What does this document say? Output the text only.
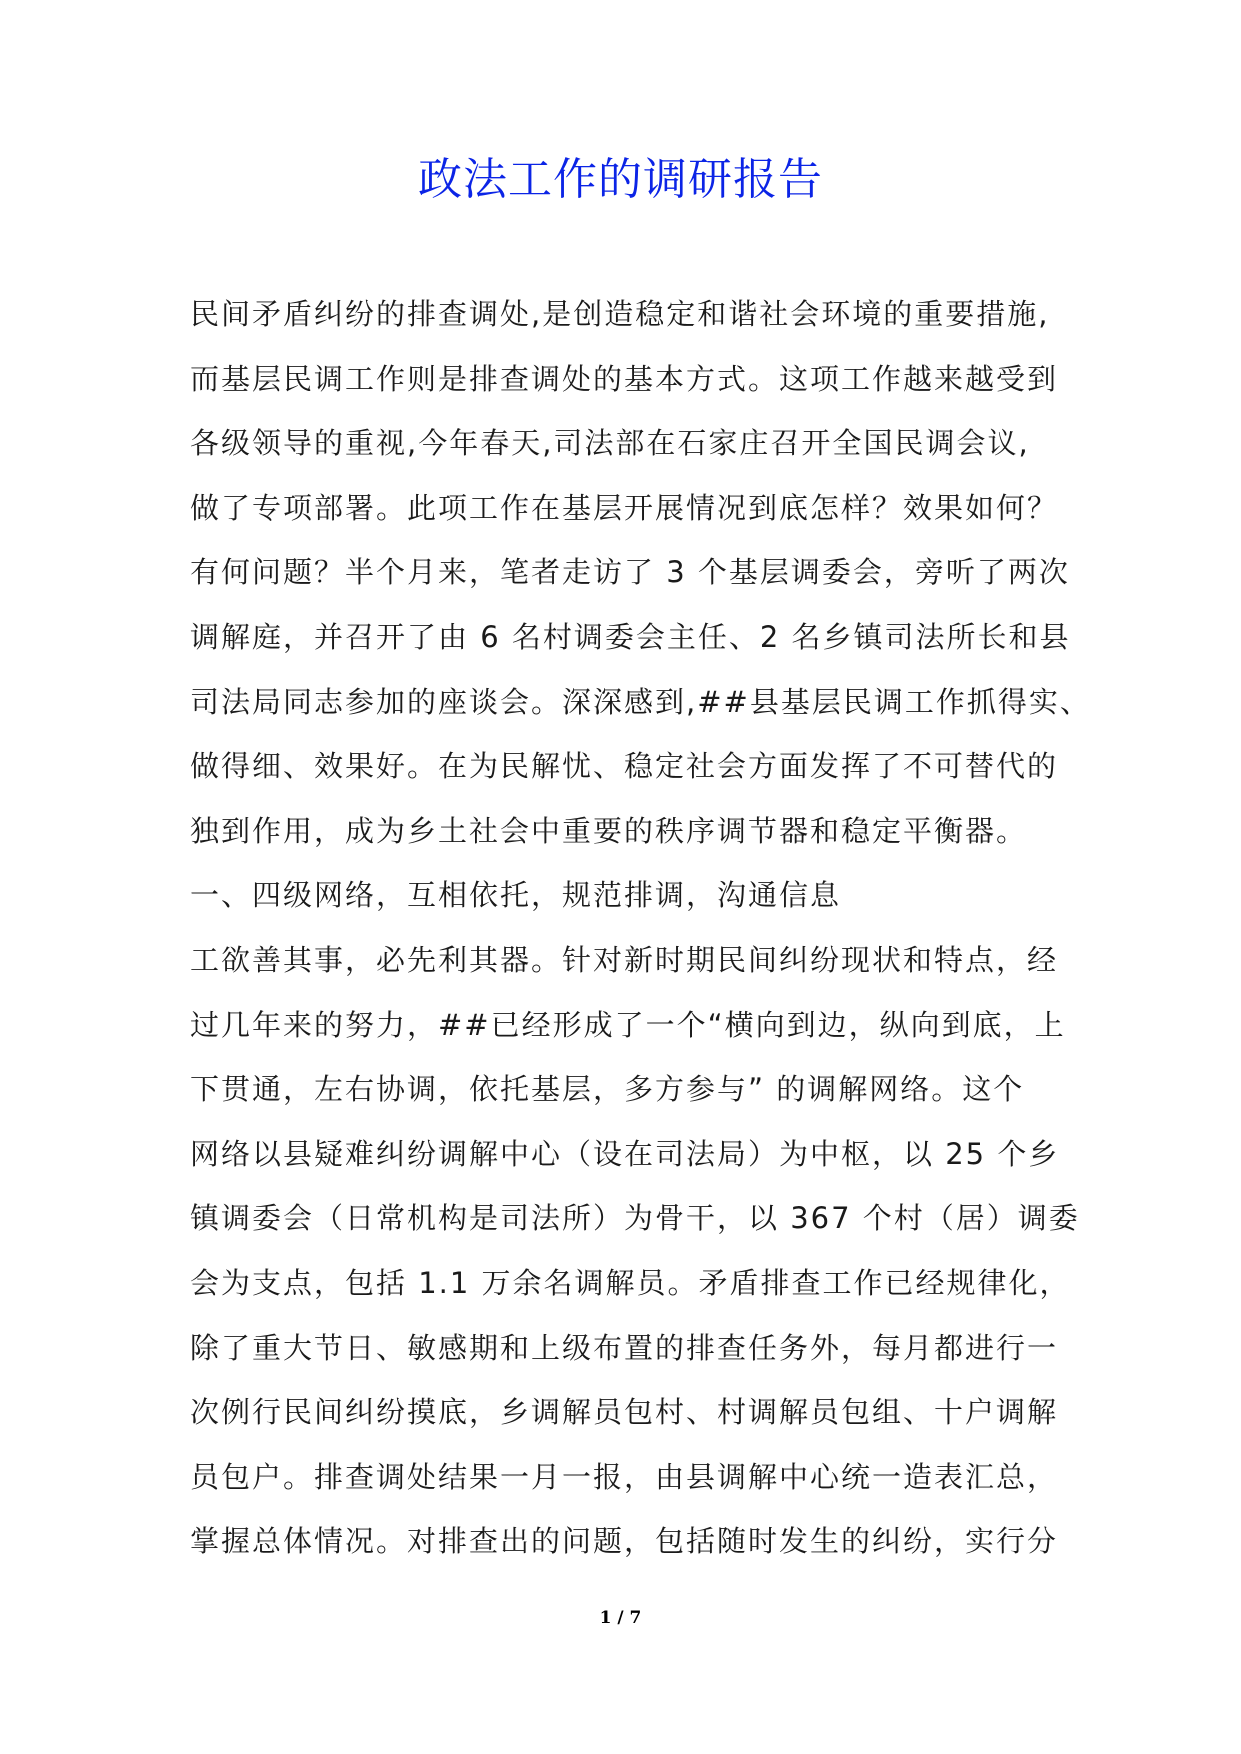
政法工作的调研报告
民间矛盾纠纷的排查调处,是创造稳定和谐社会环境的重要措施,
而基层民调工作则是排查调处的基本方式。这项工作越来越受到
各级领导的重视,今年春天,司法部在石家庄召开全国民调会议,
做了专项部署。此项工作在基层开展情况到底怎样？效果如何？
有何问题？半个月来，笔者走访了 3 个基层调委会，旁听了两次
调解庭，并召开了由 6 名村调委会主任、2 名乡镇司法所长和县
司法局同志参加的座谈会。深深感到,##县基层民调工作抓得实、
做得细、效果好。在为民解忧、稳定社会方面发挥了不可替代的
独到作用，成为乡土社会中重要的秩序调节器和稳定平衡器。
一、四级网络，互相依托，规范排调，沟通信息
工欲善其事，必先利其器。针对新时期民间纠纷现状和特点，经
过几年来的努力，##已经形成了一个“横向到边，纵向到底，上
下贯通，左右协调，依托基层，多方参与” 的调解网络。这个
网络以县疑难纠纷调解中心（设在司法局）为中枢，以 25 个乡
镇调委会（日常机构是司法所）为骨干，以 367 个村（居）调委
会为支点，包括 1.1 万余名调解员。矛盾排查工作已经规律化，
除了重大节日、敏感期和上级布置的排查任务外，每月都进行一
次例行民间纠纷摸底，乡调解员包村、村调解员包组、十户调解
员包户。排查调处结果一月一报，由县调解中心统一造表汇总，
掌握总体情况。对排查出的问题，包括随时发生的纠纷，实行分
1 / 7
